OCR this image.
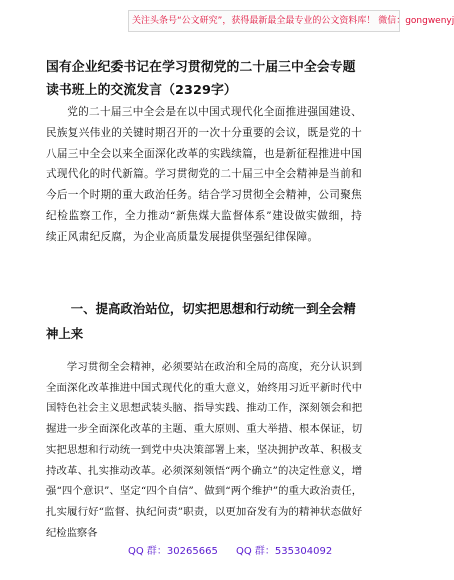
关注头条号“公文研究”，获得最新最全最专业的公文资料库！ 微信：gongwenyj
国有企业纪委书记在学习贯彻党的二十届三中全会专题读书班上的交流发言（2329字）

党的二十届三中全会是在以中国式现代化全面推进强国建设、民族复兴伟业的关键时期召开的一次十分重要的会议，既是党的十八届三中全会以来全面深化改革的实践续篇，也是新征程推进中国式现代化的时代新篇。学习贯彻党的二十届三中全会精神是当前和今后一个时期的重大政治任务。结合学习贯彻全会精神，公司聚焦纪检监察工作，全力推动“新焦煤大监督体系”建设做实做细，持续正风肃纪反腐，为企业高质量发展提供坚强纪律保障。

一、提高政治站位，切实把思想和行动统一到全会精神上来

学习贯彻全会精神，必须要站在政治和全局的高度，充分认识到全面深化改革推进中国式现代化的重大意义，始终用习近平新时代中国特色社会主义思想武装头脑、指导实践、推动工作，深刻领会和把握进一步全面深化改革的主题、重大原则、重大举措、根本保证，切实把思想和行动统一到党中央决策部署上来，坚决拥护改革、积极支持改革、扎实推动改革。必须深刻领悟“两个确立”的决定性意义，增强“四个意识”、坚定“四个自信”、做到“两个维护”的重大政治责任，扎实履行好“监督、执纪问责”职责，以更加奋发有为的精神状态做好纪检监察各

QQ 群：30265665 QQ 群：535304092
